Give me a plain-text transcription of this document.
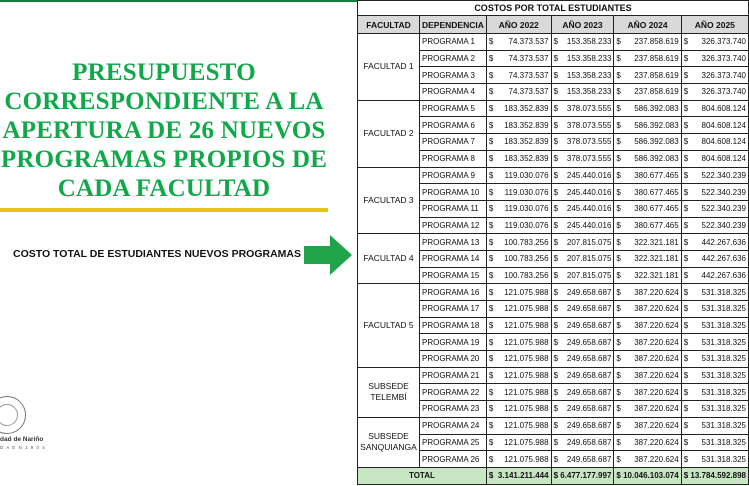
PRESUPUESTO
CORRESPONDIENTE A LA
APERTURA DE 26 NUEVOS
PROGRAMAS PROPIOS DE
CADA FACULTAD
COSTO TOTAL DE ESTUDIANTES NUEVOS PROGRAMAS
dad de Nariño
D A E N 1 9 0 4
COSTOS POR TOTAL ESTUDIANTES									
FACULTAD	DEPENDENCIA	AÑO 2022		AÑO 2023		AÑO 2024		AÑO 2025	
FACULTAD 1	PROGRAMA 1	$	74.373.537	$	153.358.233	$	237.858.619	$	326.373.740
	PROGRAMA 2	$	74.373.537	$	153.358.233	$	237.858.619	$	326.373.740
	PROGRAMA 3	$	74.373.537	$	153.358.233	$	237.858.619	$	326.373.740
	PROGRAMA 4	$	74.373.537	$	153.358.233	$	237.858.619	$	326.373.740
FACULTAD 2	PROGRAMA 5	$	183.352.839	$	378.073.555	$	586.392.083	$	804.608.124
	PROGRAMA 6	$	183.352.839	$	378.073.555	$	586.392.083	$	804.608.124
	PROGRAMA 7	$	183.352.839	$	378.073.555	$	586.392.083	$	804.608.124
	PROGRAMA 8	$	183.352.839	$	378.073.555	$	586.392.083	$	804.608.124
FACULTAD 3	PROGRAMA 9	$	119.030.076	$	245.440.016	$	380.677.465	$	522.340.239
	PROGRAMA 10	$	119.030.076	$	245.440.016	$	380.677.465	$	522.340.239
	PROGRAMA 11	$	119.030.076	$	245.440.016	$	380.677.465	$	522.340.239
	PROGRAMA 12	$	119.030.076	$	245.440.016	$	380.677.465	$	522.340.239
FACULTAD 4	PROGRAMA 13	$	100.783.256	$	207.815.075	$	322.321.181	$	442.267.636
	PROGRAMA 14	$	100.783.256	$	207.815.075	$	322.321.181	$	442.267.636
	PROGRAMA 15	$	100.783.256	$	207.815.075	$	322.321.181	$	442.267.636
FACULTAD 5	PROGRAMA 16	$	121.075.988	$	249.658.687	$	387.220.624	$	531.318.325
	PROGRAMA 17	$	121.075.988	$	249.658.687	$	387.220.624	$	531.318.325
	PROGRAMA 18	$	121.075.988	$	249.658.687	$	387.220.624	$	531.318.325
	PROGRAMA 19	$	121.075.988	$	249.658.687	$	387.220.624	$	531.318.325
	PROGRAMA 20	$	121.075.988	$	249.658.687	$	387.220.624	$	531.318.325
SUBSEDE TELEMBÍ	PROGRAMA 21	$	121.075.988	$	249.658.687	$	387.220.624	$	531.318.325
	PROGRAMA 22	$	121.075.988	$	249.658.687	$	387.220.624	$	531.318.325
	PROGRAMA 23	$	121.075.988	$	249.658.687	$	387.220.624	$	531.318.325
SUBSEDE SANQUIANGA	PROGRAMA 24	$	121.075.988	$	249.658.687	$	387.220.624	$	531.318.325
	PROGRAMA 25	$	121.075.988	$	249.658.687	$	387.220.624	$	531.318.325
	PROGRAMA 26	$	121.075.988	$	249.658.687	$	387.220.624	$	531.318.325
TOTAL		$	3.141.211.444	$ 6.477.177.997		$ 10.046.103.074		$ 13.784.592.898	
